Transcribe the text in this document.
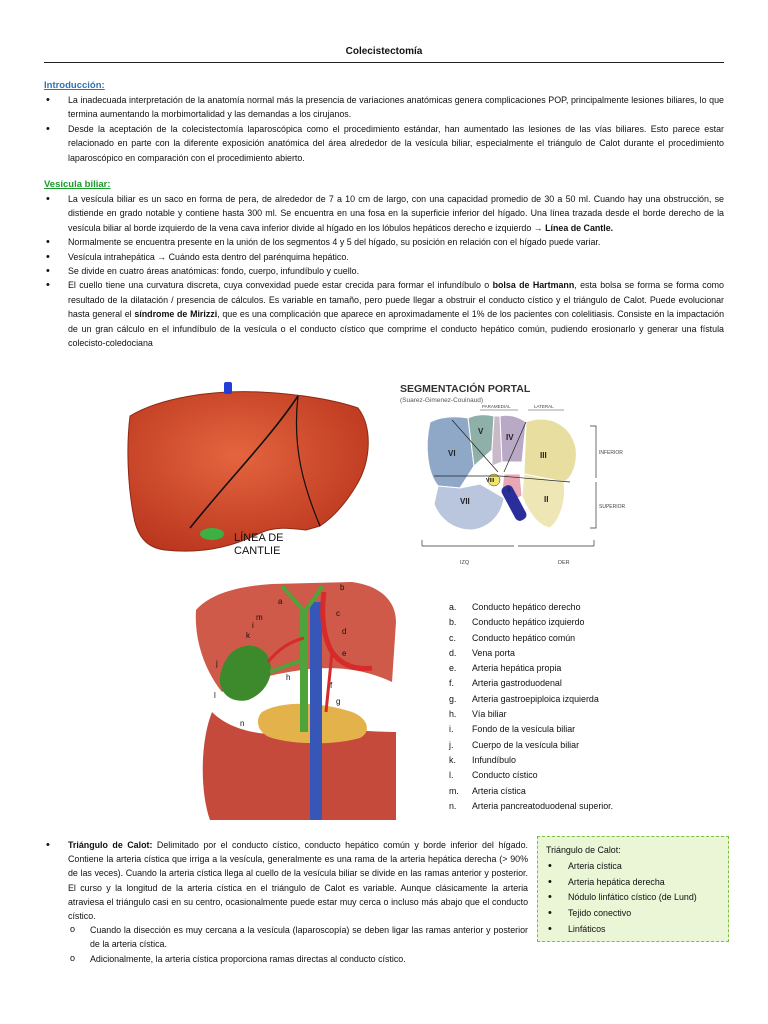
Colecistectomía
Introducción:
• La inadecuada interpretación de la anatomía normal más la presencia de variaciones anatómicas genera complicaciones POP, principalmente lesiones biliares, lo que termina aumentando la morbimortalidad y las demandas a los cirujanos.
• Desde la aceptación de la colecistectomía laparoscópica como el procedimiento estándar, han aumentado las lesiones de las vías biliares. Esto parece estar relacionado en parte con la diferente exposición anatómica del área alrededor de la vesícula biliar, especialmente el triángulo de Calot durante el procedimiento laparoscópico en comparación con el procedimiento abierto.
Vesícula biliar:
• La vesícula biliar es un saco en forma de pera, de alrededor de 7 a 10 cm de largo, con una capacidad promedio de 30 a 50 ml. Cuando hay una obstrucción, se distiende en grado notable y contiene hasta 300 ml. Se encuentra en una fosa en la superficie inferior del hígado. Una línea trazada desde el borde derecho de la vesícula biliar al borde izquierdo de la vena cava inferior divide al hígado en los lóbulos hepáticos derecho e izquierdo → Línea de Cantle.
• Normalmente se encuentra presente en la unión de los segmentos 4 y 5 del hígado, su posición en relación con el hígado puede variar.
• Vesícula intrahepática → Cuándo esta dentro del parénquima hepático.
• Se divide en cuatro áreas anatómicas: fondo, cuerpo, infundíbulo y cuello.
• El cuello tiene una curvatura discreta, cuya convexidad puede estar crecida para formar el infundíbulo o bolsa de Hartmann, esta bolsa se forma se forma como resultado de la dilatación / presencia de cálculos. Es variable en tamaño, pero puede llegar a obstruir el conducto cístico y el triángulo de Calot. Puede evolucionar hasta general el síndrome de Mirizzi, que es una complicación que aparece en aproximadamente el 1% de los pacientes con colelitiasis. Consiste en la impactación de un gran cálculo en el infundíbulo de la vesícula o el conducto cístico que comprime el conducto hepático común, pudiendo erosionarlo y generar una fístula colecisto-coledociana
LÍNEA DE
CANTLIE
SEGMENTACIÓN PORTAL
(Suarez-Gimenez-Couinaud)
PARAMEDIAL	LATERAL
V
IV
VI	III
VIII
VII
I
II
INFERIOR
SUPERIOR
IZQ	DER
a
b
c
d
e
f
g
h
i
j
k
l
m
n
a. Conducto hepático derecho
b. Conducto hepático izquierdo
c. Conducto hepático común
d. Vena porta
e. Arteria hepática propia
f. Arteria gastroduodenal
g. Arteria gastroepiploica izquierda
h. Vía biliar
i. Fondo de la vesícula biliar
j. Cuerpo de la vesícula biliar
k. Infundíbulo
l. Conducto cístico
m. Arteria cística
n. Arteria pancreatoduodenal superior.
• Triángulo de Calot: Delimitado por el conducto cístico, conducto hepático común y borde inferior del hígado. Contiene la arteria cística que irriga a la vesícula, generalmente es una rama de la arteria hepática derecha (> 90% de las veces). Cuando la arteria cística llega al cuello de la vesícula biliar se divide en las ramas anterior y posterior. El curso y la longitud de la arteria cística en el triángulo de Calot es variable. Aunque clásicamente la arteria atraviesa el triángulo casi en su centro, ocasionalmente puede estar muy cerca o incluso más abajo que el conducto cístico.
o Cuando la disección es muy cercana a la vesícula (laparoscopía) se deben ligar las ramas anterior y posterior de la arteria cística.
o Adicionalmente, la arteria cística proporciona ramas directas al conducto cístico.
Triángulo de Calot:
• Arteria cística
• Arteria hepática derecha
• Nódulo linfático cístico (de Lund)
• Tejido conectivo
• Linfáticos
